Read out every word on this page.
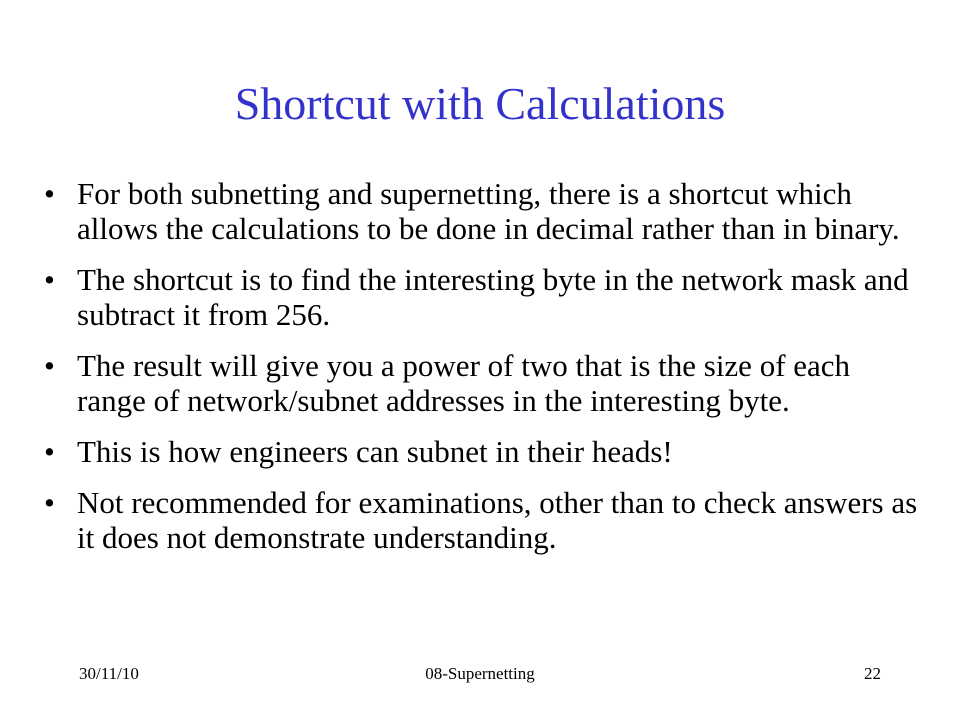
Shortcut with Calculations
• For both subnetting and supernetting, there is a shortcut which allows the calculations to be done in decimal rather than in binary.
• The shortcut is to find the interesting byte in the network mask and subtract it from 256.
• The result will give you a power of two that is the size of each range of network/subnet addresses in the interesting byte.
• This is how engineers can subnet in their heads!
• Not recommended for examinations, other than to check answers as it does not demonstrate understanding.
08-Supernetting
30/11/10	22
